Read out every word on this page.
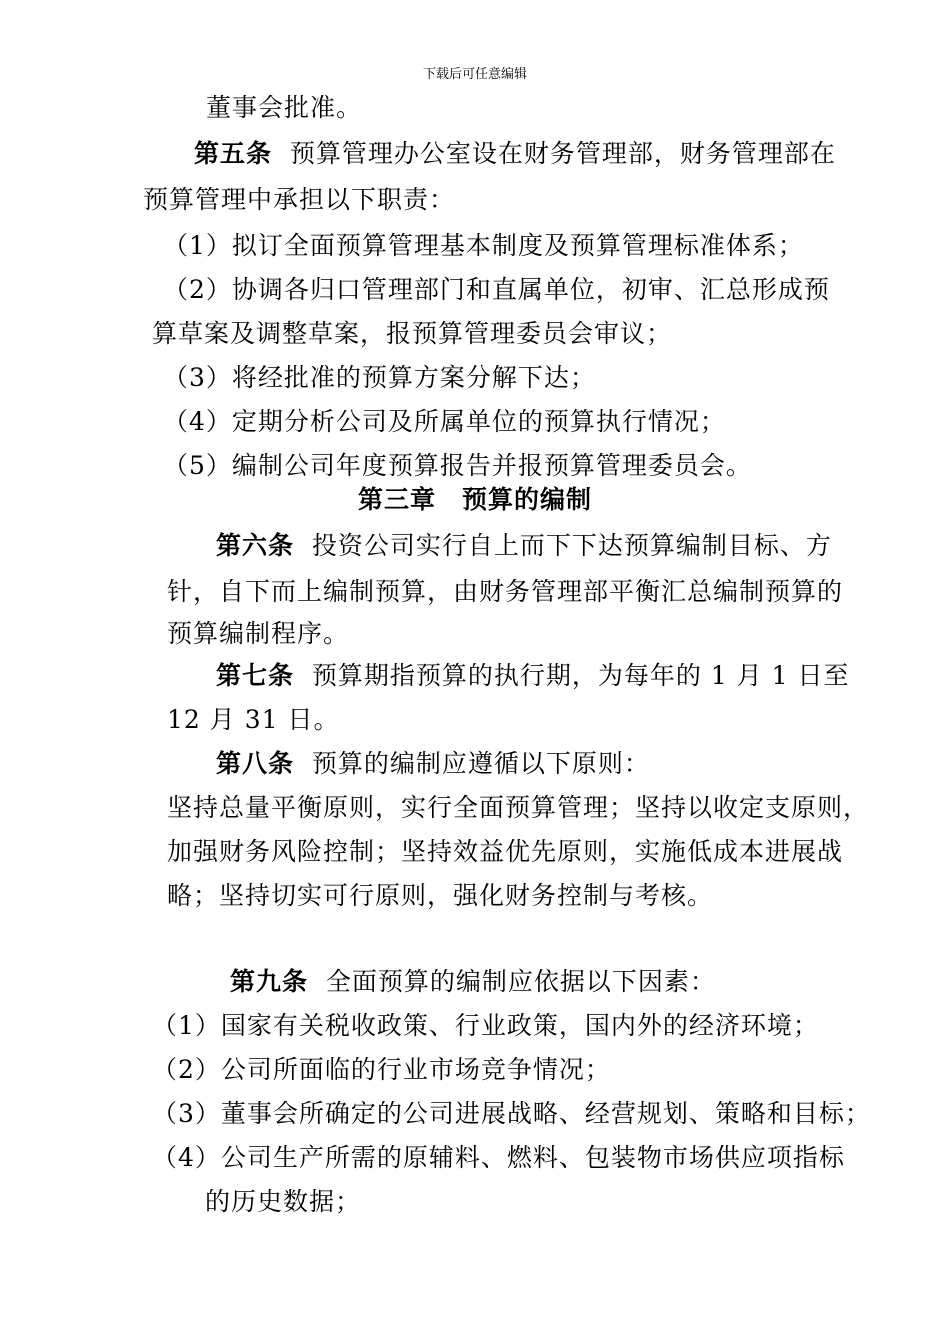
下载后可任意编辑
董事会批准。
第五条 预算管理办公室设在财务管理部，财务管理部在
预算管理中承担以下职责：
（1）拟订全面预算管理基本制度及预算管理标准体系；
（2）协调各归口管理部门和直属单位，初审、汇总形成预
算草案及调整草案，报预算管理委员会审议；
（3）将经批准的预算方案分解下达；
（4）定期分析公司及所属单位的预算执行情况；
（5）编制公司年度预算报告并报预算管理委员会。
第三章　预算的编制
第六条 投资公司实行自上而下下达预算编制目标、方
针，自下而上编制预算，由财务管理部平衡汇总编制预算的
预算编制程序。
第七条 预算期指预算的执行期，为每年的 1 月 1 日至
12 月 31 日。
第八条 预算的编制应遵循以下原则：
坚持总量平衡原则，实行全面预算管理；坚持以收定支原则，
加强财务风险控制；坚持效益优先原则，实施低成本进展战
略；坚持切实可行原则，强化财务控制与考核。
第九条 全面预算的编制应依据以下因素：
（1）国家有关税收政策、行业政策，国内外的经济环境；
（2）公司所面临的行业市场竞争情况；
（3）董事会所确定的公司进展战略、经营规划、策略和目标；
（4）公司生产所需的原辅料、燃料、包装物市场供应项指标
的历史数据；
